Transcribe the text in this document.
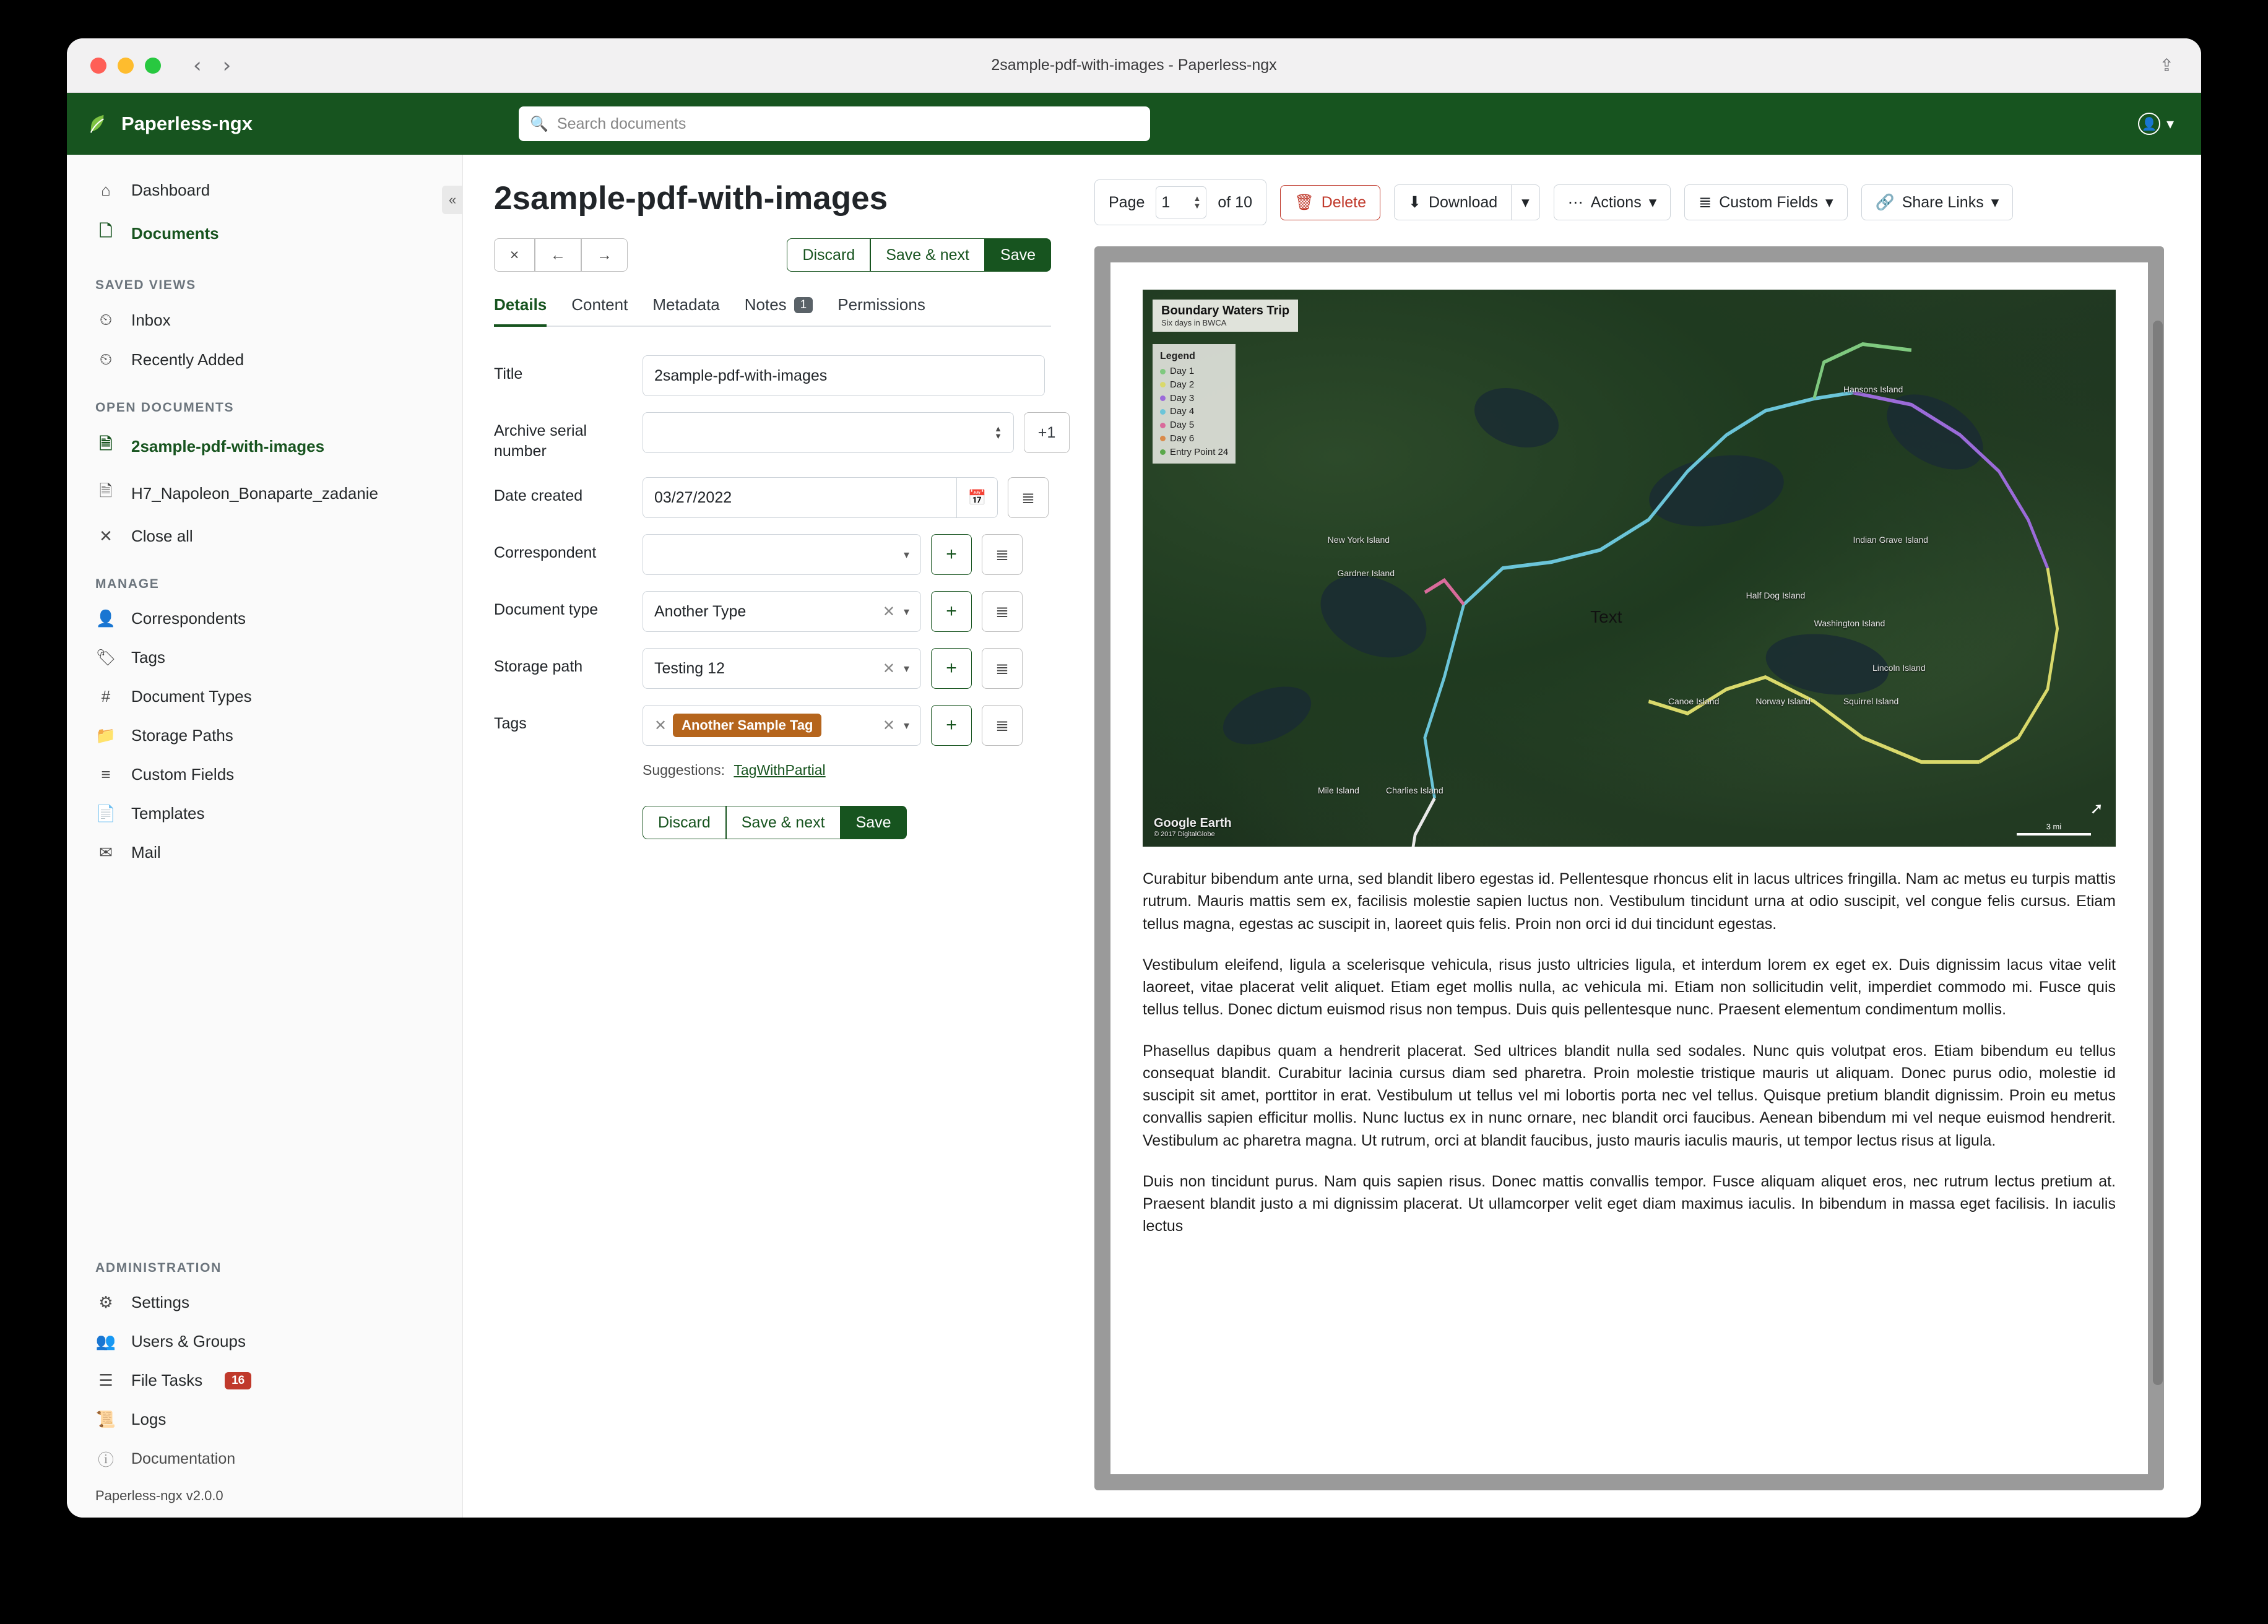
‹ ›	2sample-pdf-with-images - Paperless-ngx	⇪
Paperless-ngx	🔍 Search documents	👤 ▾
«
⌂	Dashboard
🗋 Documents
SAVED VIEWS
⏲ Inbox
⏲ Recently Added
OPEN DOCUMENTS
🗎 2sample-pdf-with-images
🗎 H7_Napoleon_Bonaparte_zadanie
✕ Close all
MANAGE
👤 Correspondents
🏷 Tags
#	Document Types
📁 Storage Paths
≡	Custom Fields
📄 Templates
✉ Mail
ADMINISTRATION
⚙ Settings
👥 Users & Groups
☰ File Tasks	16
📜 Logs
ⓘ Documentation
Paperless-ngx v2.0.0
2sample-pdf-with-images
×	←	→	Discard	Save & next	Save
Details Content Metadata Notes	1	Permissions
Title	2sample-pdf-with-images
Archive serial number
▲
▼	+1
Date created	03/27/2022	📅	≣
Correspondent	▾	+	≣
Document type	Another Type	✕ ▾	+	≣
Storage path	Testing 12	✕ ▾	+	≣
Tags	✕	Another Sample Tag	✕ ▾	+	≣
Suggestions: TagWithPartial
Discard	Save & next	Save
Page 1	▲
▼ of 10	🗑 Delete	⬇ Download ▾ ⋯ Actions ▾	≣ Custom Fields ▾	🔗 Share Links ▾
Boundary Waters Trip
Six days in BWCA
Legend
Day 1
Day 2
Day 3
Day 4
Day 5
Day 6
Entry Point 24
Hansons Island
New York Island
Gardner Island
Indian Grave Island
Half Dog Island
Washington Island
Lincoln Island
Canoe Island	Norway Island	Squirrel Island
Mile Island	Charlies Island
Text
Google Earth
© 2017 DigitalGlobe
➚
3 mi

Curabitur bibendum ante urna, sed blandit libero egestas id. Pellentesque rhoncus elit in lacus ultrices fringilla. Nam ac metus eu turpis mattis rutrum. Mauris mattis sem ex, facilisis molestie sapien luctus non. Vestibulum tincidunt urna at odio suscipit, vel congue felis cursus. Etiam tellus magna, egestas ac suscipit in, laoreet quis felis. Proin non orci id dui tincidunt egestas.

Vestibulum eleifend, ligula a scelerisque vehicula, risus justo ultricies ligula, et interdum lorem ex eget ex. Duis dignissim lacus vitae velit laoreet, vitae placerat velit aliquet. Etiam eget mollis nulla, ac vehicula mi. Etiam non sollicitudin velit, imperdiet commodo mi. Fusce quis tellus tellus. Donec dictum euismod risus non tempus. Duis quis pellentesque nunc. Praesent elementum condimentum mollis.

Phasellus dapibus quam a hendrerit placerat. Sed ultrices blandit nulla sed sodales. Nunc quis volutpat eros. Etiam bibendum eu tellus consequat blandit. Curabitur lacinia cursus diam sed pharetra. Proin molestie tristique mauris ut aliquam. Donec purus odio, molestie id suscipit sit amet, porttitor in erat. Vestibulum ut tellus vel mi lobortis porta nec vel tellus. Quisque pretium blandit dignissim. Proin eu metus convallis sapien efficitur mollis. Nunc luctus ex in nunc ornare, nec blandit orci faucibus. Aenean bibendum mi vel neque euismod hendrerit. Vestibulum ac pharetra magna. Ut rutrum, orci at blandit faucibus, justo mauris iaculis mauris, ut tempor lectus risus at ligula.

Duis non tincidunt purus. Nam quis sapien risus. Donec mattis convallis tempor. Fusce aliquam aliquet eros, nec rutrum lectus pretium at. Praesent blandit justo a mi dignissim placerat. Ut ullamcorper velit eget diam maximus iaculis. In bibendum in massa eget facilisis. In iaculis lectus
